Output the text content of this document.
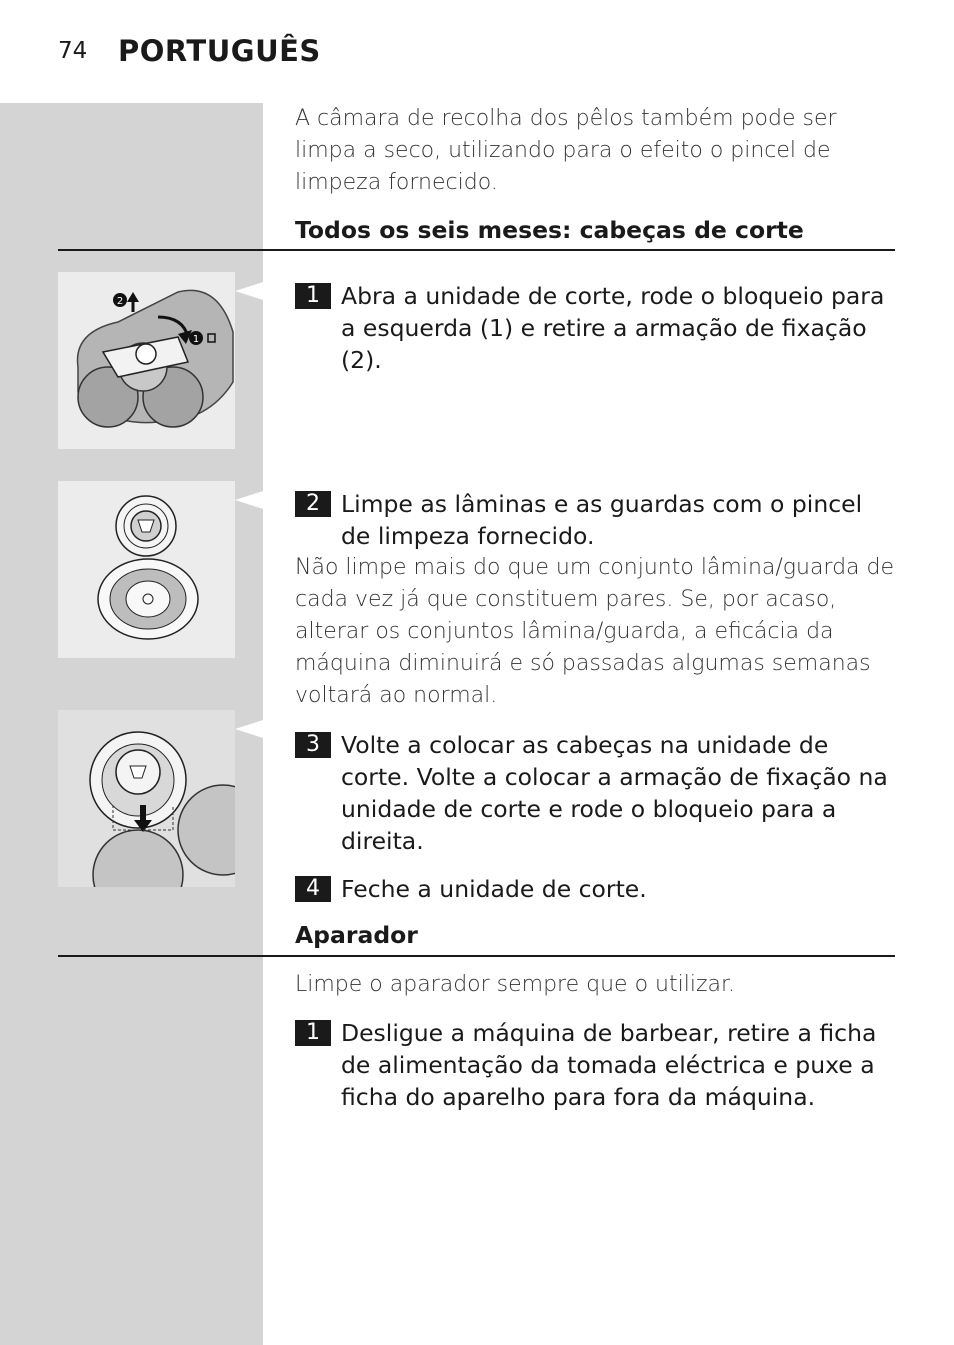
74 PORTUGUÊS
A câmara de recolha dos pêlos também pode ser limpa a seco, utilizando para o efeito o pincel de limpeza fornecido.
Todos os seis meses: cabeças de corte
2
1
1 Abra a unidade de corte, rode o bloqueio para a esquerda (1) e retire a armação de fixação (2).
2 Limpe as lâminas e as guardas com o pincel de limpeza fornecido.
Não limpe mais do que um conjunto lâmina/guarda de cada vez já que constituem pares. Se, por acaso, alterar os conjuntos lâmina/guarda, a eficácia da máquina diminuirá e só passadas algumas semanas voltará ao normal.
3 Volte a colocar as cabeças na unidade de corte. Volte a colocar a armação de fixação na unidade de corte e rode o bloqueio para a direita.
4 Feche a unidade de corte.
Aparador
Limpe o aparador sempre que o utilizar.
1 Desligue a máquina de barbear, retire a ficha de alimentação da tomada eléctrica e puxe a ficha do aparelho para fora da máquina.
